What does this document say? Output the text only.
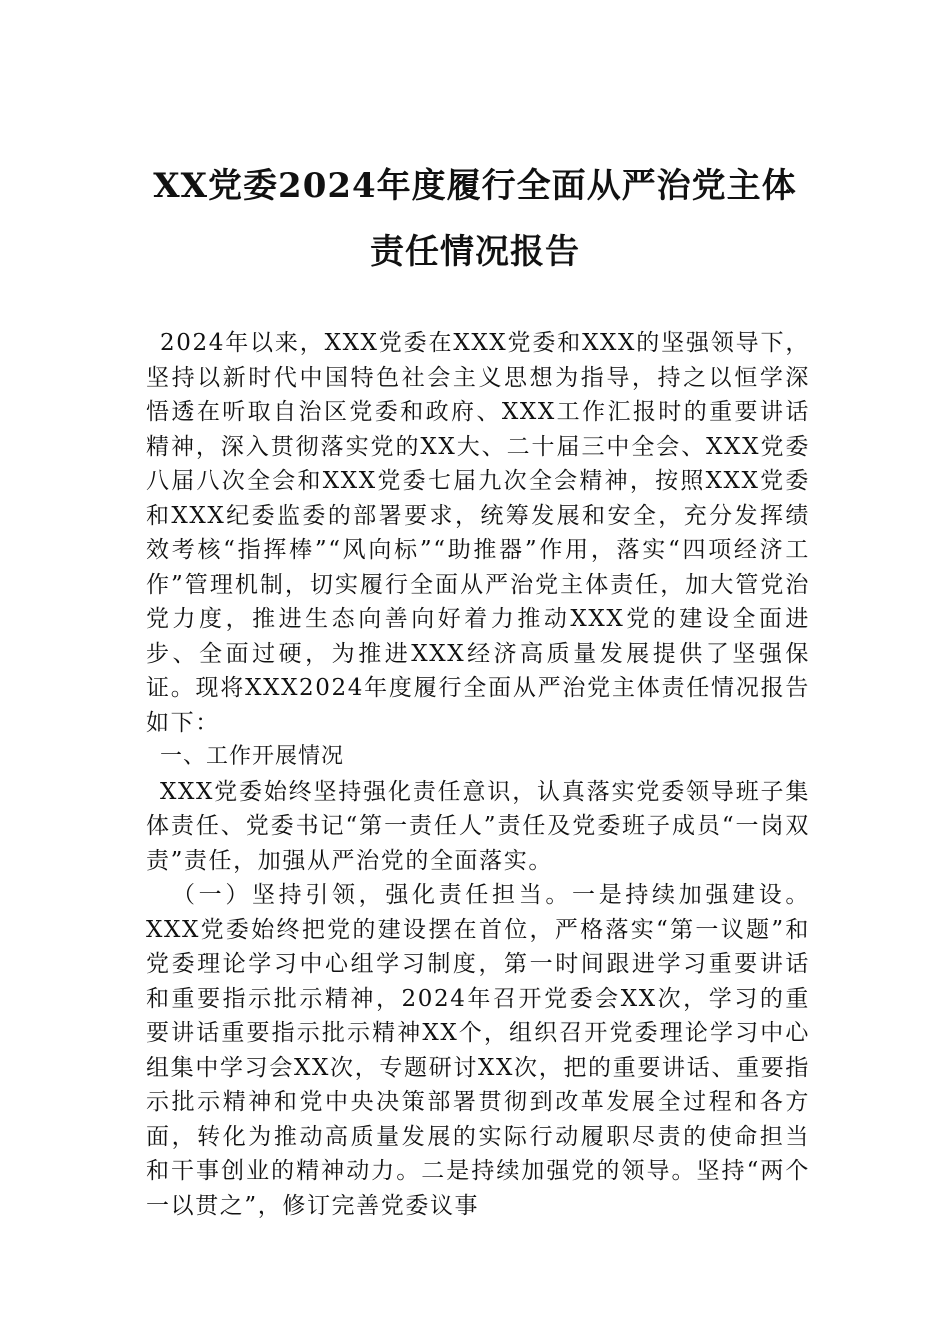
XX党委2024年度履行全面从严治党主体
责任情况报告

2024年以来，XXX党委在XXX党委和XXX的坚强领导下，坚持以新时代中国特色社会主义思想为指导，持之以恒学深悟透在听取自治区党委和政府、XXX工作汇报时的重要讲话精神，深入贯彻落实党的XX大、二十届三中全会、XXX党委八届八次全会和XXX党委七届九次全会精神，按照XXX党委和XXX纪委监委的部署要求，统筹发展和安全，充分发挥绩效考核“指挥棒”“风向标”“助推器”作用，落实“四项经济工作”管理机制，切实履行全面从严治党主体责任，加大管党治党力度，推进生态向善向好着力推动XXX党的建设全面进步、全面过硬，为推进XXX经济高质量发展提供了坚强保证。现将XXX2024年度履行全面从严治党主体责任情况报告如下：

一、工作开展情况

XXX党委始终坚持强化责任意识，认真落实党委领导班子集体责任、党委书记“第一责任人”责任及党委班子成员“一岗双责”责任，加强从严治党的全面落实。

（一）坚持引领，强化责任担当。一是持续加强建设。XXX党委始终把党的建设摆在首位，严格落实“第一议题”和党委理论学习中心组学习制度，第一时间跟进学习重要讲话和重要指示批示精神，2024年召开党委会XX次，学习的重要讲话重要指示批示精神XX个，组织召开党委理论学习中心组集中学习会XX次，专题研讨XX次，把的重要讲话、重要指示批示精神和党中央决策部署贯彻到改革发展全过程和各方面，转化为推动高质量发展的实际行动履职尽责的使命担当和干事创业的精神动力。二是持续加强党的领导。坚持“两个一以贯之”，修订完善党委议事
